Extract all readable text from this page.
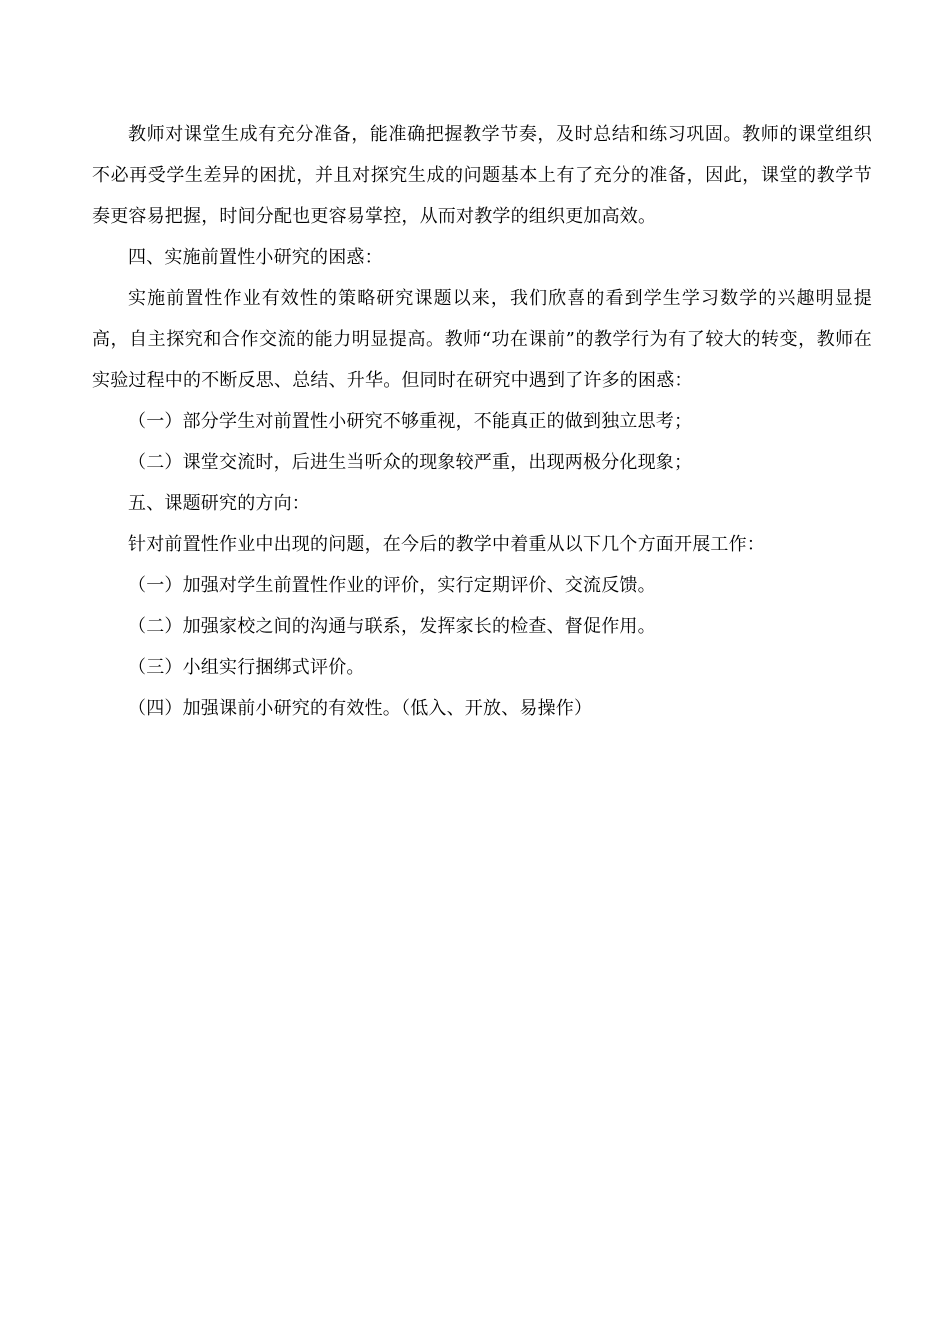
教师对课堂生成有充分准备，能准确把握教学节奏，及时总结和练习巩固。教师的课堂组织不必再受学生差异的困扰，并且对探究生成的问题基本上有了充分的准备，因此，课堂的教学节奏更容易把握，时间分配也更容易掌控，从而对教学的组织更加高效。

四、实施前置性小研究的困惑：

实施前置性作业有效性的策略研究课题以来，我们欣喜的看到学生学习数学的兴趣明显提高，自主探究和合作交流的能力明显提高。教师“功在课前”的教学行为有了较大的转变，教师在实验过程中的不断反思、总结、升华。但同时在研究中遇到了许多的困惑：

（一）部分学生对前置性小研究不够重视，不能真正的做到独立思考；

（二）课堂交流时，后进生当听众的现象较严重，出现两极分化现象；

五、课题研究的方向：

针对前置性作业中出现的问题，在今后的教学中着重从以下几个方面开展工作：

（一）加强对学生前置性作业的评价，实行定期评价、交流反馈。

（二）加强家校之间的沟通与联系，发挥家长的检查、督促作用。

（三）小组实行捆绑式评价。

（四）加强课前小研究的有效性。（低入、开放、易操作）
